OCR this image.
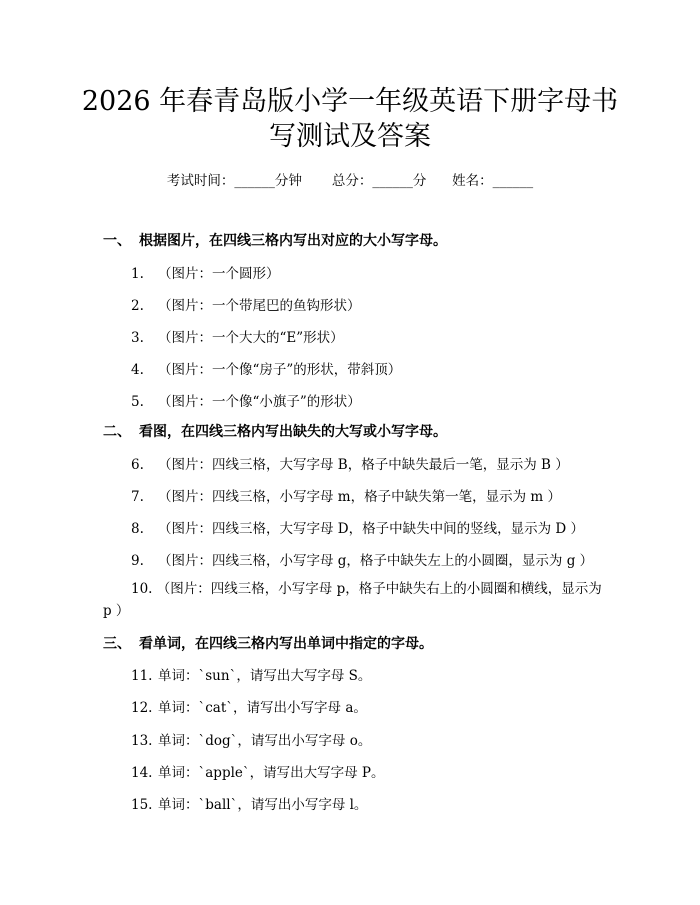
2026 年春青岛版小学一年级英语下册字母书
写测试及答案
考试时间：______分钟 总分：______分 姓名：______
一、 根据图片，在四线三格内写出对应的大小写字母。
1. （图片：一个圆形）
2. （图片：一个带尾巴的鱼钩形状）
3. （图片：一个大大的“E”形状）
4. （图片：一个像“房子”的形状，带斜顶）
5. （图片：一个像“小旗子”的形状）
二、 看图，在四线三格内写出缺失的大写或小写字母。
6. （图片：四线三格，大写字母 B，格子中缺失最后一笔，显示为 B ）
7. （图片：四线三格，小写字母 m，格子中缺失第一笔，显示为 m ）
8. （图片：四线三格，大写字母 D，格子中缺失中间的竖线，显示为 D ）
9. （图片：四线三格，小写字母 g，格子中缺失左上的小圆圈，显示为 g ）
10. （图片：四线三格，小写字母 p，格子中缺失右上的小圆圈和横线，显示为 p ）
三、 看单词，在四线三格内写出单词中指定的字母。
11. 单词：`sun`，请写出大写字母 S。
12. 单词：`cat`，请写出小写字母 a。
13. 单词：`dog`，请写出小写字母 o。
14. 单词：`apple`，请写出大写字母 P。
15. 单词：`ball`，请写出小写字母 l。
